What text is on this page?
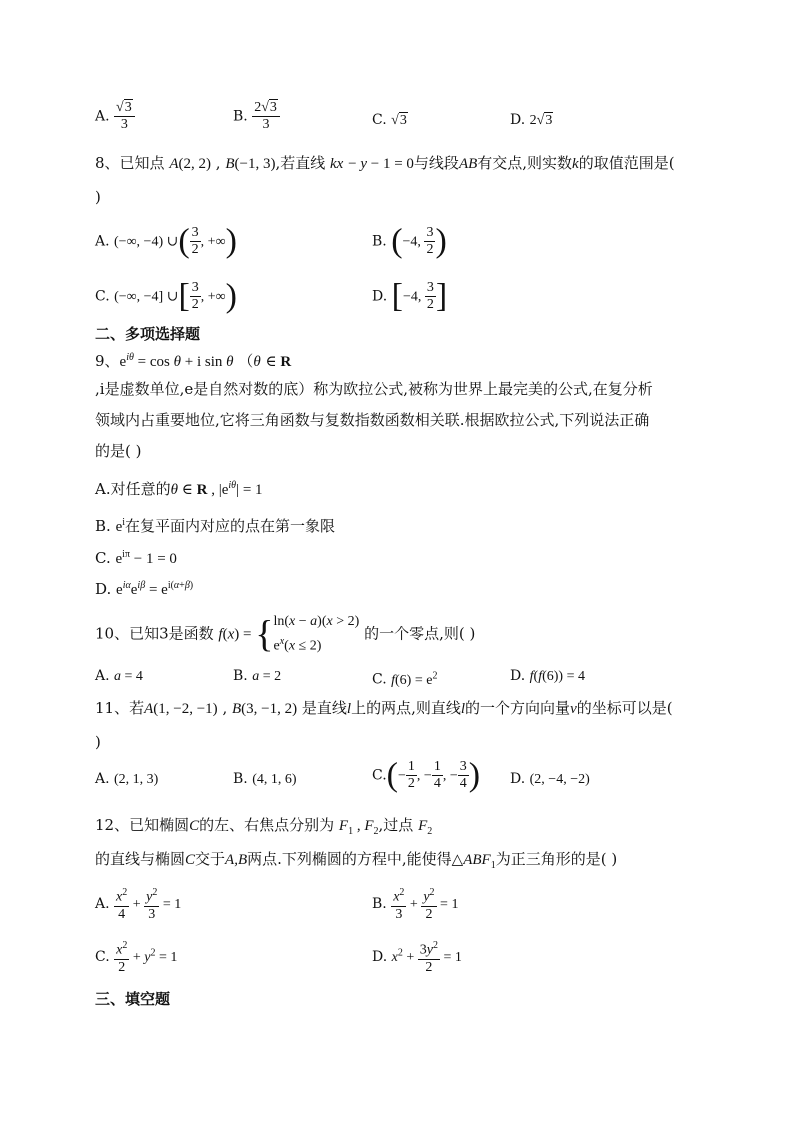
A. $\frac{√3}{3}$	B. $\frac{2√3}{3}$	C. √3	D. 2√3
8、已知点 A(2, 2) , B(−1, 3),若直线 kx − y − 1 = 0与线段AB有交点,则实数k的取值范围是(
)
A. (−∞, −4) ∪( $\frac{3}{2}$ , +∞)	B. (−4, $\frac{3}{2}$ )
C. (−∞, −4] ∪[ $\frac{3}{2}$ , +∞)	D. [−4, $\frac{3}{2}$ ]
二、多项选择题
9、$e^{i\theta} = \cos \theta + i$ sin θ （θ ∈ R
,i是虚数单位,e是自然对数的底）称为欧拉公式,被称为世界上最完美的公式,在复分析
领域内占重要地位,它将三角函数与复数指数函数相关联.根据欧拉公式,下列说法正确
的是( )
A.对任意的θ ∈ R , $|e^{i\theta}| = 1$
B. $e^i$在复平面内对应的点在第一象限
C. $e^{i\pi} - 1 = 0$
D. $e^{i\alpha}e^{i\beta} = e^{i(\alpha+\beta)}$
10、已知3是函数 f(x) = {ln(x − a)(x > 2)
$e^x(x \le 2)$ 的一个零点,则( )
A. a = 4	B. a = 2	C. $f(6) = e^2$	D. f(f(6)) = 4
11、若A(1, −2, −1) , B(3, −1, 2) 是直线l上的两点,则直线l的一个方向向量v的坐标可以是(
)
A. (2, 1, 3)	B. (4, 1, 6)	$C.(- \frac{1}{2}$ , − $\frac{1}{4}$ , − $\frac{3}{4}$ ) D. (2, −4, −2)
12、已知椭圆C的左、右焦点分别为 $F_1$ , $F_2$,过点 $F_2$
的直线与椭圆C交于A,B两点.下列椭圆的方程中,能使得$\triangle ABF_1$为正三角形的是( )
A. $\frac{x^2}{4} + \frac{y^2}{3} = 1$	B. $\frac{x^2}{3} + \frac{y^2}{2} = 1$
C. $\frac{x^2}{2} + y^2 = 1$	D. $x^2 + \frac{3y^2}{2} = 1$
三、填空题
